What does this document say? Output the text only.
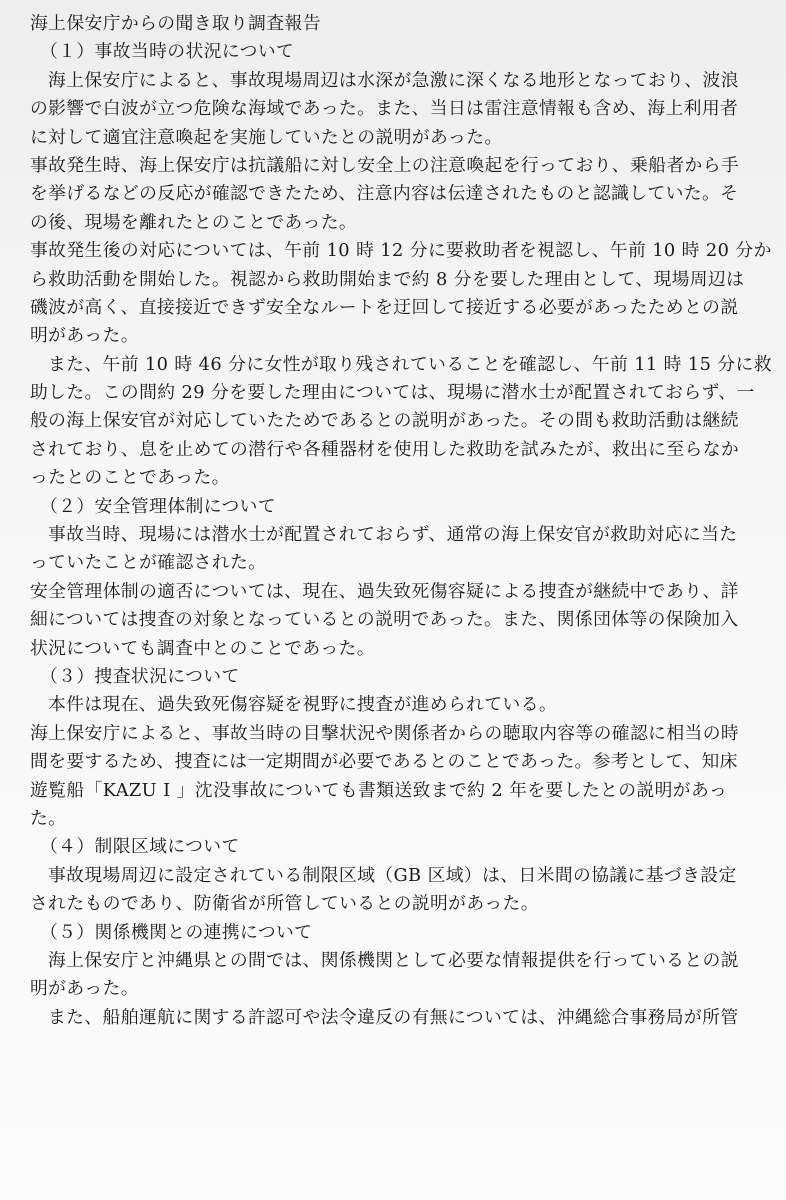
海上保安庁からの聞き取り調査報告
（１）事故当時の状況について
海上保安庁によると、事故現場周辺は水深が急激に深くなる地形となっており、波浪
の影響で白波が立つ危険な海域であった。また、当日は雷注意情報も含め、海上利用者
に対して適宜注意喚起を実施していたとの説明があった。
事故発生時、海上保安庁は抗議船に対し安全上の注意喚起を行っており、乗船者から手
を挙げるなどの反応が確認できたため、注意内容は伝達されたものと認識していた。そ
の後、現場を離れたとのことであった。
事故発生後の対応については、午前 10 時 12 分に要救助者を視認し、午前 10 時 20 分か
ら救助活動を開始した。視認から救助開始まで約 8 分を要した理由として、現場周辺は
磯波が高く、直接接近できず安全なルートを迂回して接近する必要があったためとの説
明があった。
また、午前 10 時 46 分に女性が取り残されていることを確認し、午前 11 時 15 分に救
助した。この間約 29 分を要した理由については、現場に潜水士が配置されておらず、一
般の海上保安官が対応していたためであるとの説明があった。その間も救助活動は継続
されており、息を止めての潜行や各種器材を使用した救助を試みたが、救出に至らなか
ったとのことであった。
（２）安全管理体制について
事故当時、現場には潜水士が配置されておらず、通常の海上保安官が救助対応に当た
っていたことが確認された。
安全管理体制の適否については、現在、過失致死傷容疑による捜査が継続中であり、詳
細については捜査の対象となっているとの説明であった。また、関係団体等の保険加入
状況についても調査中とのことであった。
（３）捜査状況について
本件は現在、過失致死傷容疑を視野に捜査が進められている。
海上保安庁によると、事故当時の目撃状況や関係者からの聴取内容等の確認に相当の時
間を要するため、捜査には一定期間が必要であるとのことであった。参考として、知床
遊覧船「KAZU I 」沈没事故についても書類送致まで約 2 年を要したとの説明があっ
た。
（４）制限区域について
事故現場周辺に設定されている制限区域（GB 区域）は、日米間の協議に基づき設定
されたものであり、防衛省が所管しているとの説明があった。
（５）関係機関との連携について
海上保安庁と沖縄県との間では、関係機関として必要な情報提供を行っているとの説
明があった。
また、船舶運航に関する許認可や法令違反の有無については、沖縄総合事務局が所管
